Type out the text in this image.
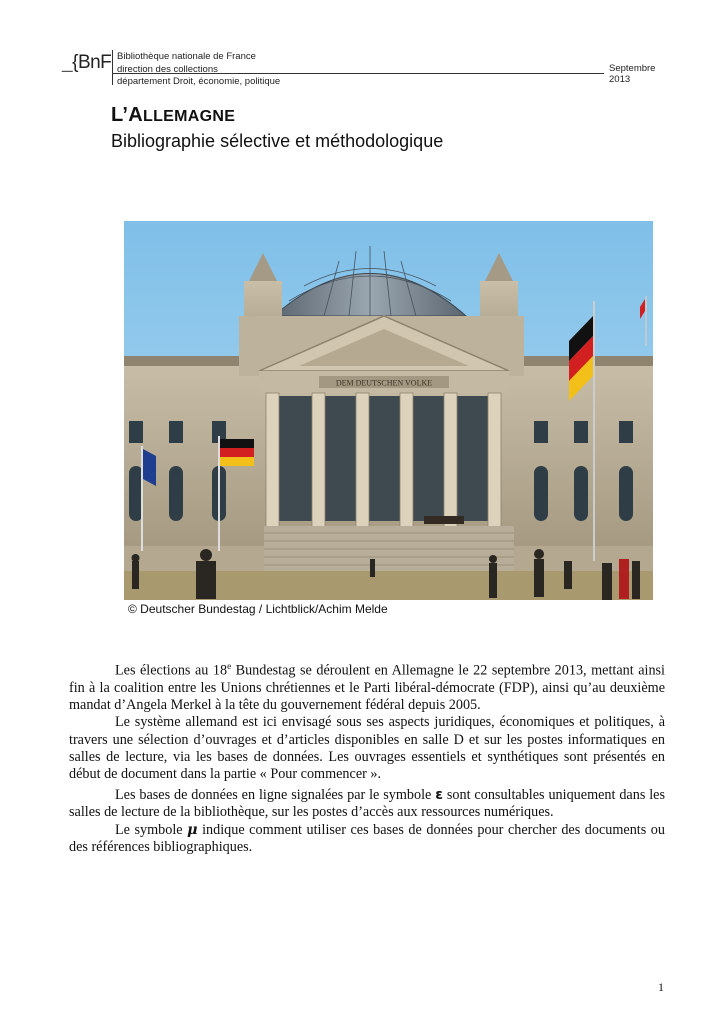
_{BnF Bibliothèque nationale de France
direction des collections
département Droit, économie, politique
Septembre
2013
L’ALLEMAGNE
Bibliographie sélective et méthodologique
DEM DEUTSCHEN VOLKE
© Deutscher Bundestag / Lichtblick/Achim Melde

Les élections au 18e Bundestag se déroulent en Allemagne le 22 septembre 2013, mettant ainsi fin à la coalition entre les Unions chrétiennes et le Parti libéral-démocrate (FDP), ainsi qu’au deuxième mandat d’Angela Merkel à la tête du gouvernement fédéral depuis 2005.

Le système allemand est ici envisagé sous ses aspects juridiques, économiques et politiques, à travers une sélection d’ouvrages et d’articles disponibles en salle D et sur les postes informatiques en salles de lecture, via les bases de données. Les ouvrages essentiels et synthétiques sont présentés en début de document dans la partie « Pour commencer ».

Les bases de données en ligne signalées par le symbole ε sont consultables uniquement dans les salles de lecture de la bibliothèque, sur les postes d’accès aux ressources numériques.

Le symbole μ indique comment utiliser ces bases de données pour chercher des documents ou des références bibliographiques.

1
